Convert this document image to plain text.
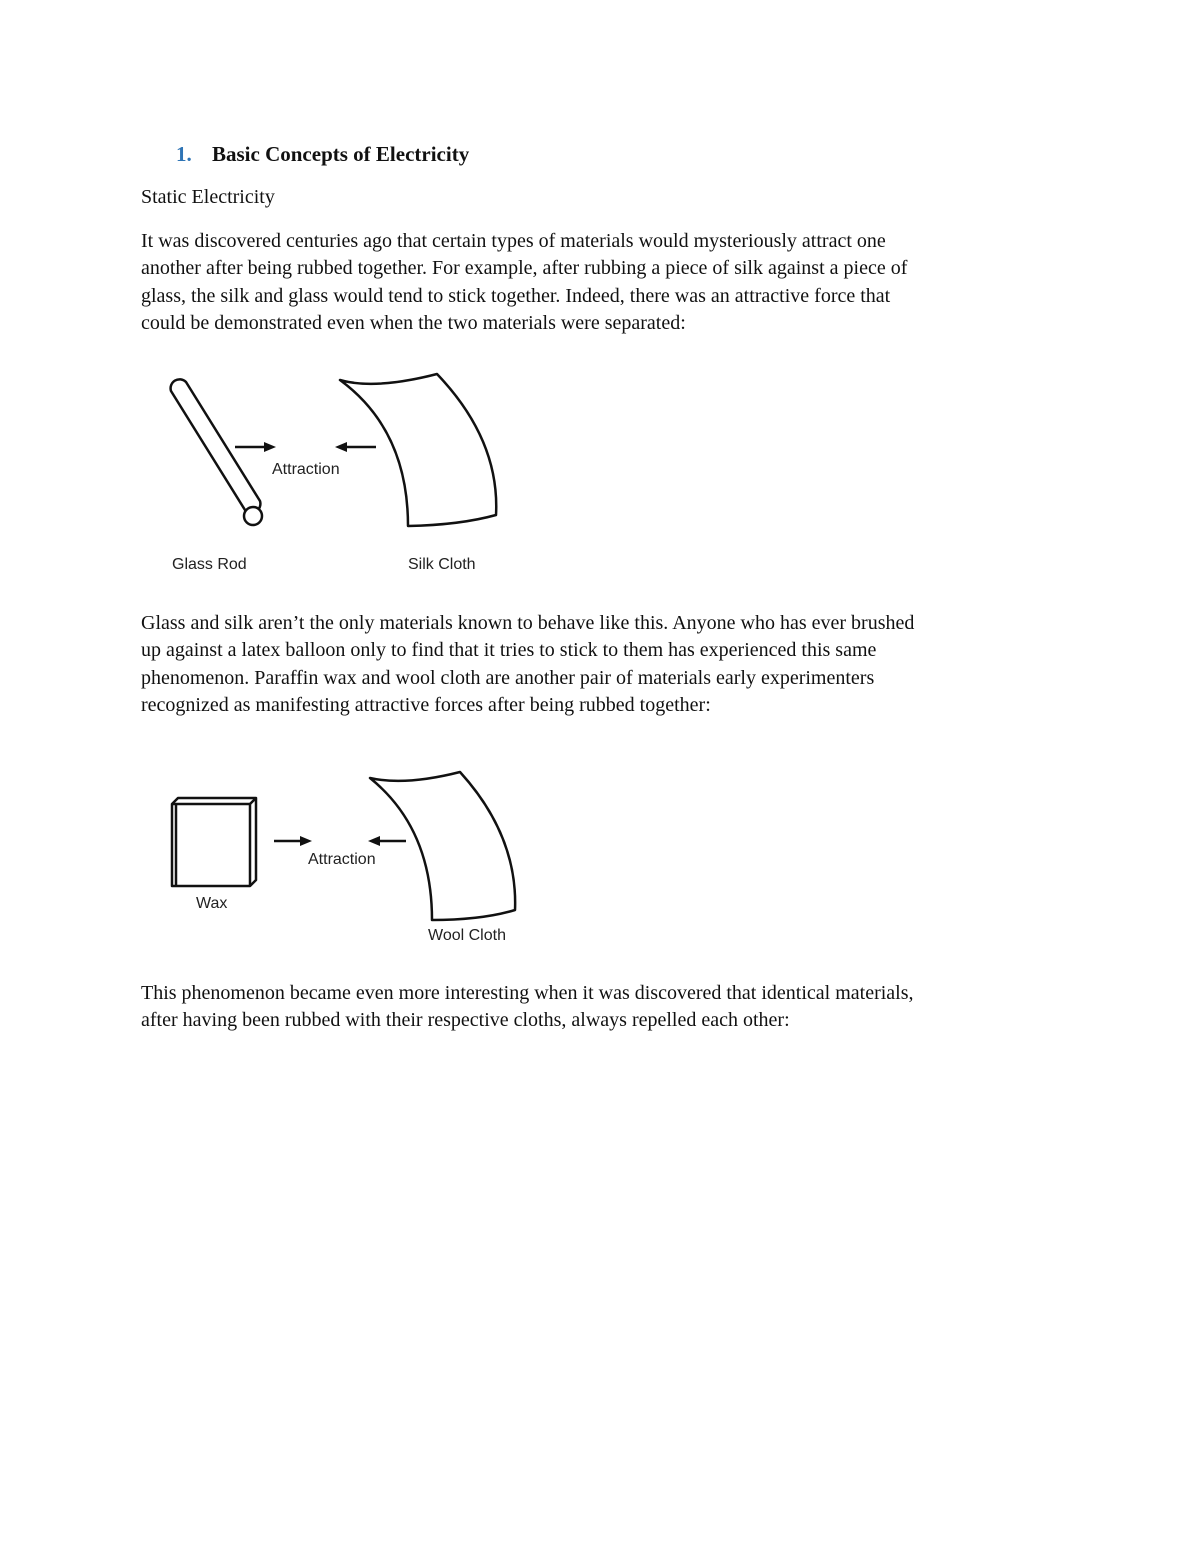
1. Basic Concepts of Electricity
Static Electricity

It was discovered centuries ago that certain types of materials would mysteriously attract one
another after being rubbed together. For example, after rubbing a piece of silk against a piece of
glass, the silk and glass would tend to stick together. Indeed, there was an attractive force that
could be demonstrated even when the two materials were separated:

Attraction
Glass Rod	Silk Cloth

Glass and silk aren’t the only materials known to behave like this. Anyone who has ever brushed
up against a latex balloon only to find that it tries to stick to them has experienced this same
phenomenon. Paraffin wax and wool cloth are another pair of materials early experimenters
recognized as manifesting attractive forces after being rubbed together:

Attraction
Wax
Wool Cloth

This phenomenon became even more interesting when it was discovered that identical materials,
after having been rubbed with their respective cloths, always repelled each other:
